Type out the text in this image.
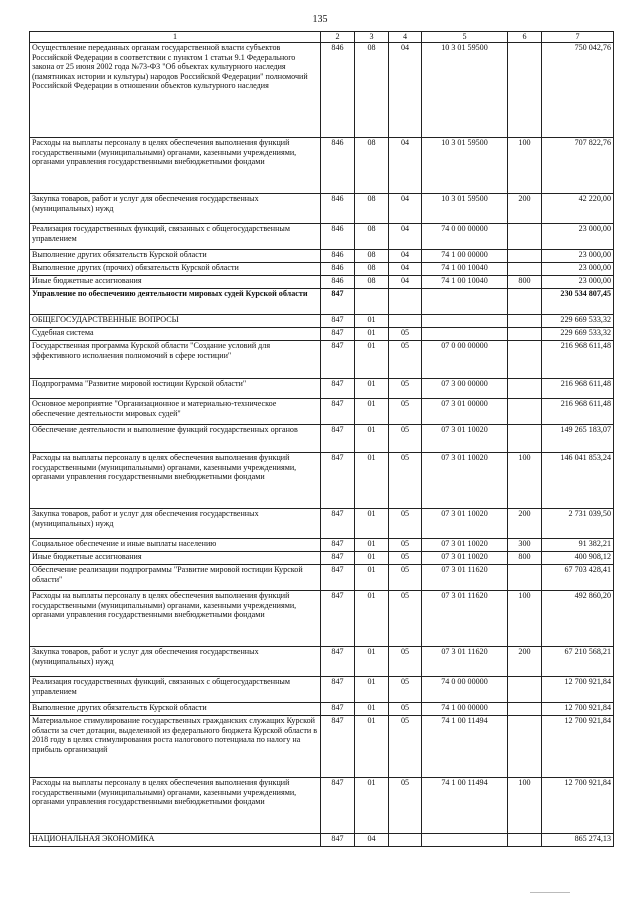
135
1	2	3	4	5	6	7
Осуществление переданных органам государственной власти субъектов Российской Федерации в соответствии с пунктом 1 статьи 9.1 Федерального закона от 25 июня 2002 года №73-ФЗ "Об объектах культурного наследия (памятниках истории и культуры) народов Российской Федерации" полномочий Российской Федерации в отношении объектов культурного наследия	846	08	04	10 3 01 59500		750 042,76
Расходы на выплаты персоналу в целях обеспечения выполнения функций государственными (муниципальными) органами, казенными учреждениями, органами управления государственными внебюджетными фондами	846	08	04	10 3 01 59500	100	707 822,76
Закупка товаров, работ и услуг для обеспечения государственных (муниципальных) нужд	846	08	04	10 3 01 59500	200	42 220,00
Реализация государственных функций, связанных с общегосударственным управлением	846	08	04	74 0 00 00000		23 000,00
Выполнение других обязательств Курской области	846	08	04	74 1 00 00000		23 000,00
Выполнение других (прочих) обязательств Курской области	846	08	04	74 1 00 10040		23 000,00
Иные бюджетные ассигнования	846	08	04	74 1 00 10040	800	23 000,00
Управление по обеспечению деятельности мировых судей Курской области	847					230 534 807,45
ОБЩЕГОСУДАРСТВЕННЫЕ ВОПРОСЫ	847	01				229 669 533,32
Судебная система	847	01	05			229 669 533,32
Государственная программа Курской области "Создание условий для эффективного исполнения полномочий в сфере юстиции"	847	01	05	07 0 00 00000		216 968 611,48
Подпрограмма "Развитие мировой юстиции Курской области"	847	01	05	07 3 00 00000		216 968 611,48
Основное мероприятие "Организационное и материально-техническое обеспечение деятельности мировых судей"	847	01	05	07 3 01 00000		216 968 611,48
Обеспечение деятельности и выполнение функций государственных органов	847	01	05	07 3 01 10020		149 265 183,07
Расходы на выплаты персоналу в целях обеспечения выполнения функций государственными (муниципальными) органами, казенными учреждениями, органами управления государственными внебюджетными фондами	847	01	05	07 3 01 10020	100	146 041 853,24
Закупка товаров, работ и услуг для обеспечения государственных (муниципальных) нужд	847	01	05	07 3 01 10020	200	2 731 039,50
Социальное обеспечение и иные выплаты населению	847	01	05	07 3 01 10020	300	91 382,21
Иные бюджетные ассигнования	847	01	05	07 3 01 10020	800	400 908,12
Обеспечение реализации подпрограммы "Развитие мировой юстиции Курской области"	847	01	05	07 3 01 11620		67 703 428,41
Расходы на выплаты персоналу в целях обеспечения выполнения функций государственными (муниципальными) органами, казенными учреждениями, органами управления государственными внебюджетными фондами	847	01	05	07 3 01 11620	100	492 860,20
Закупка товаров, работ и услуг для обеспечения государственных (муниципальных) нужд	847	01	05	07 3 01 11620	200	67 210 568,21
Реализация государственных функций, связанных с общегосударственным управлением	847	01	05	74 0 00 00000		12 700 921,84
Выполнение других обязательств Курской области	847	01	05	74 1 00 00000		12 700 921,84
Материальное стимулирование государственных гражданских служащих Курской области за счет дотации, выделенной из федерального бюджета Курской области в 2018 году в целях стимулирования роста налогового потенциала по налогу на прибыль организаций	847	01	05	74 1 00 11494		12 700 921,84
Расходы на выплаты персоналу в целях обеспечения выполнения функций государственными (муниципальными) органами, казенными учреждениями, органами управления государственными внебюджетными фондами	847	01	05	74 1 00 11494	100	12 700 921,84
НАЦИОНАЛЬНАЯ ЭКОНОМИКА	847	04				865 274,13
